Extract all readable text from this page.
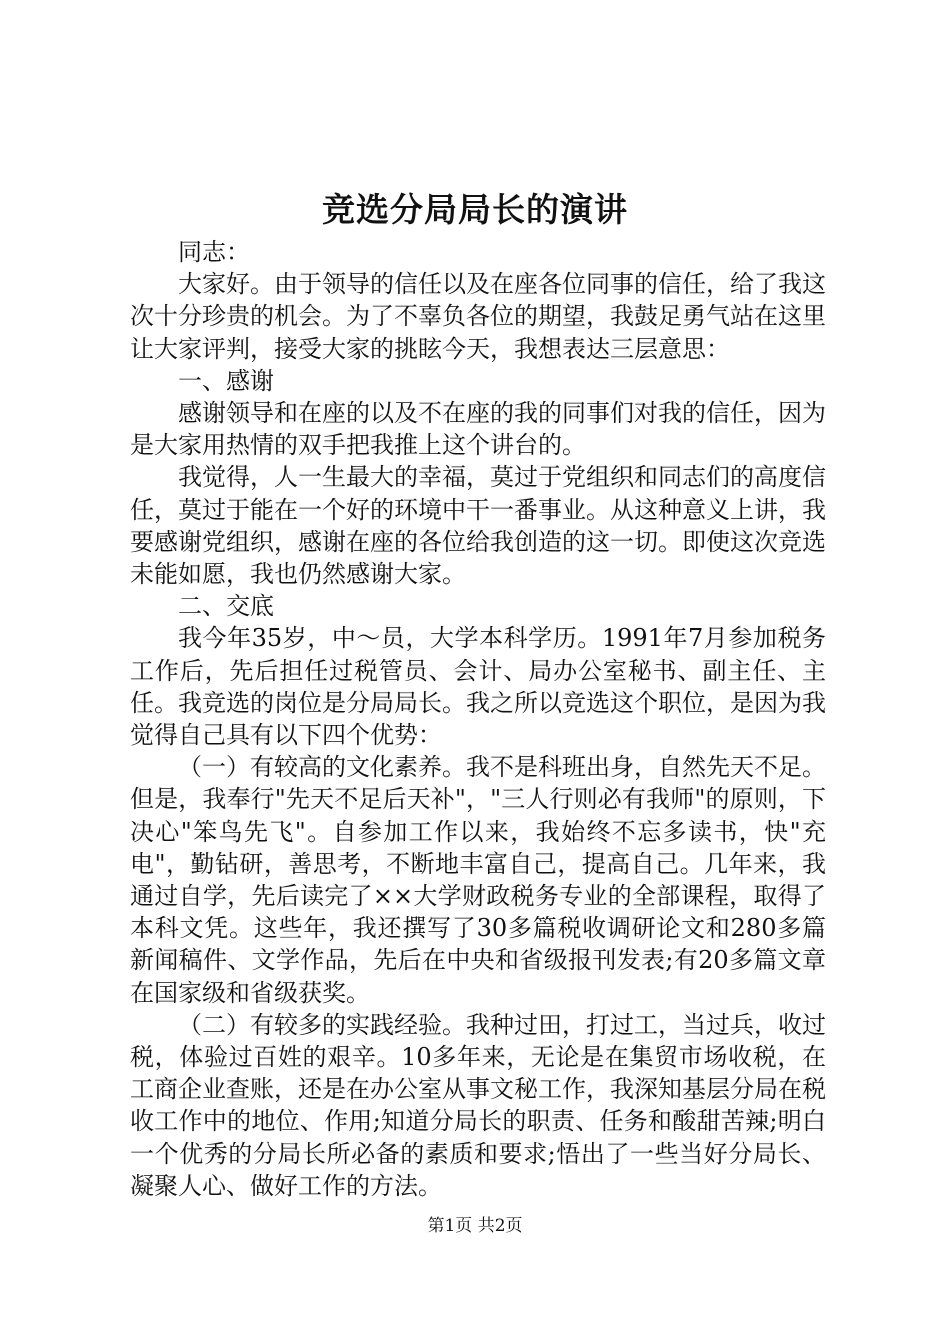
竞选分局局长的演讲

同志：

大家好。由于领导的信任以及在座各位同事的信任，给了我这次十分珍贵的机会。为了不辜负各位的期望，我鼓足勇气站在这里让大家评判，接受大家的挑眩今天，我想表达三层意思：

一、感谢

感谢领导和在座的以及不在座的我的同事们对我的信任，因为是大家用热情的双手把我推上这个讲台的。

我觉得，人一生最大的幸福，莫过于党组织和同志们的高度信任，莫过于能在一个好的环境中干一番事业。从这种意义上讲，我要感谢党组织，感谢在座的各位给我创造的这一切。即使这次竞选未能如愿，我也仍然感谢大家。

二、交底

我今年35岁，中～员，大学本科学历。1991年7月参加税务工作后，先后担任过税管员、会计、局办公室秘书、副主任、主任。我竞选的岗位是分局局长。我之所以竞选这个职位，是因为我觉得自己具有以下四个优势：

（一）有较高的文化素养。我不是科班出身，自然先天不足。但是，我奉行"先天不足后天补"，"三人行则必有我师"的原则，下决心"笨鸟先飞"。自参加工作以来，我始终不忘多读书，快"充电"，勤钻研，善思考，不断地丰富自己，提高自己。几年来，我通过自学，先后读完了××大学财政税务专业的全部课程，取得了本科文凭。这些年，我还撰写了30多篇税收调研论文和280多篇新闻稿件、文学作品，先后在中央和省级报刊发表;有20多篇文章在国家级和省级获奖。

（二）有较多的实践经验。我种过田，打过工，当过兵，收过税，体验过百姓的艰辛。10多年来，无论是在集贸市场收税，在工商企业查账，还是在办公室从事文秘工作，我深知基层分局在税收工作中的地位、作用;知道分局长的职责、任务和酸甜苦辣;明白一个优秀的分局长所必备的素质和要求;悟出了一些当好分局长、凝聚人心、做好工作的方法。

第1页 共2页
